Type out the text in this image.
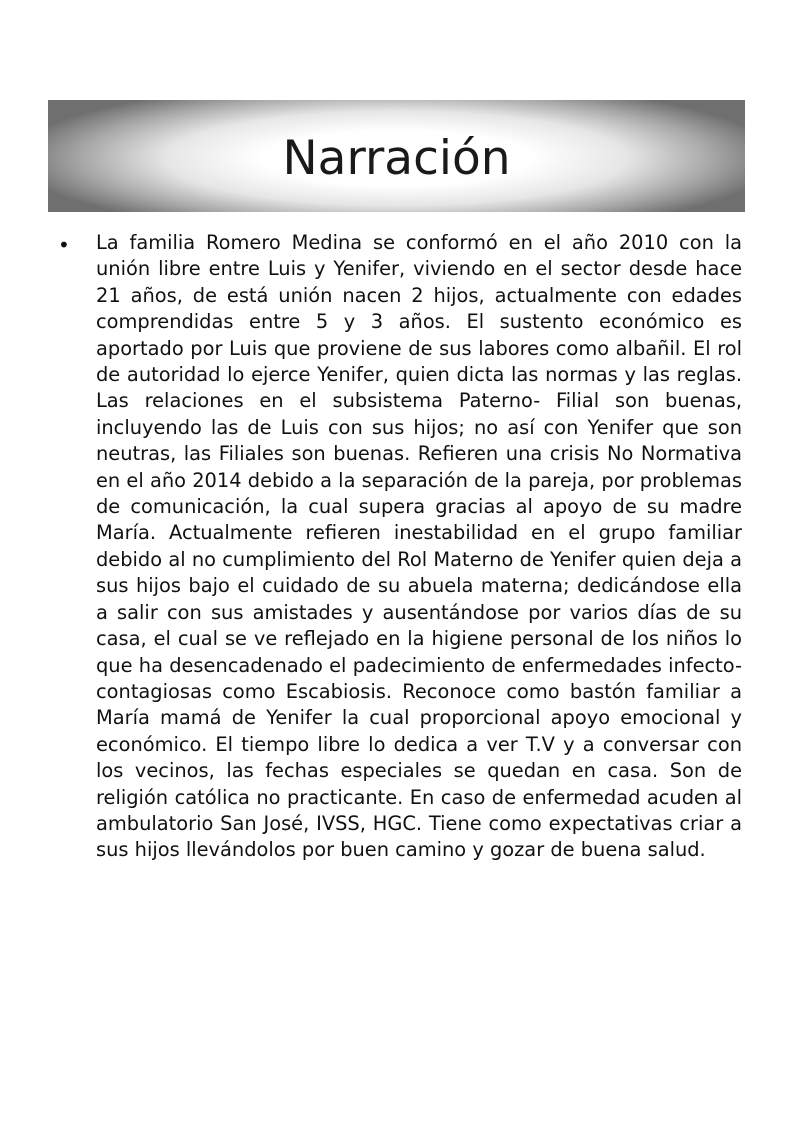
Narración
•	La familia Romero Medina se conformó en el año 2010 con la unión libre entre Luis y Yenifer, viviendo en el sector desde hace 21 años, de está unión nacen 2 hijos, actualmente con edades comprendidas entre 5 y 3 años. El sustento económico es aportado por Luis que proviene de sus labores como albañil. El rol de autoridad lo ejerce Yenifer, quien dicta las normas y las reglas. Las relaciones en el subsistema Paterno- Filial son buenas, incluyendo las de Luis con sus hijos; no así con Yenifer que son neutras, las Filiales son buenas. Refieren una crisis No Normativa en el año 2014 debido a la separación de la pareja, por problemas de comunicación, la cual supera gracias al apoyo de su madre María. Actualmente refieren inestabilidad en el grupo familiar debido al no cumplimiento del Rol Materno de Yenifer quien deja a sus hijos bajo el cuidado de su abuela materna; dedicándose ella a salir con sus amistades y ausentándose por varios días de su casa, el cual se ve reflejado en la higiene personal de los niños lo que ha desencadenado el padecimiento de enfermedades infecto-contagiosas como Escabiosis. Reconoce como bastón familiar a María mamá de Yenifer la cual proporcional apoyo emocional y económico. El tiempo libre lo dedica a ver T.V y a conversar con los vecinos, las fechas especiales se quedan en casa. Son de religión católica no practicante. En caso de enfermedad acuden al ambulatorio San José, IVSS, HGC. Tiene como expectativas criar a sus hijos llevándolos por buen camino y gozar de buena salud.
